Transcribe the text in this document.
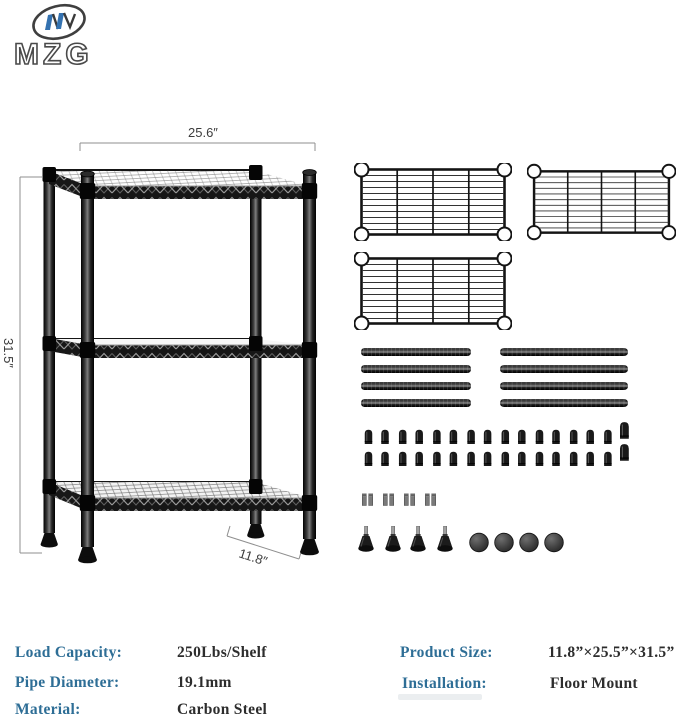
MZG
25.6″
31.5″
11.8″
Load Capacity:	250Lbs/Shelf
Pipe Diameter:	19.1mm
Material:	Carbon Steel
Product Size:	11.8”×25.5”×31.5”
Installation:	Floor Mount
